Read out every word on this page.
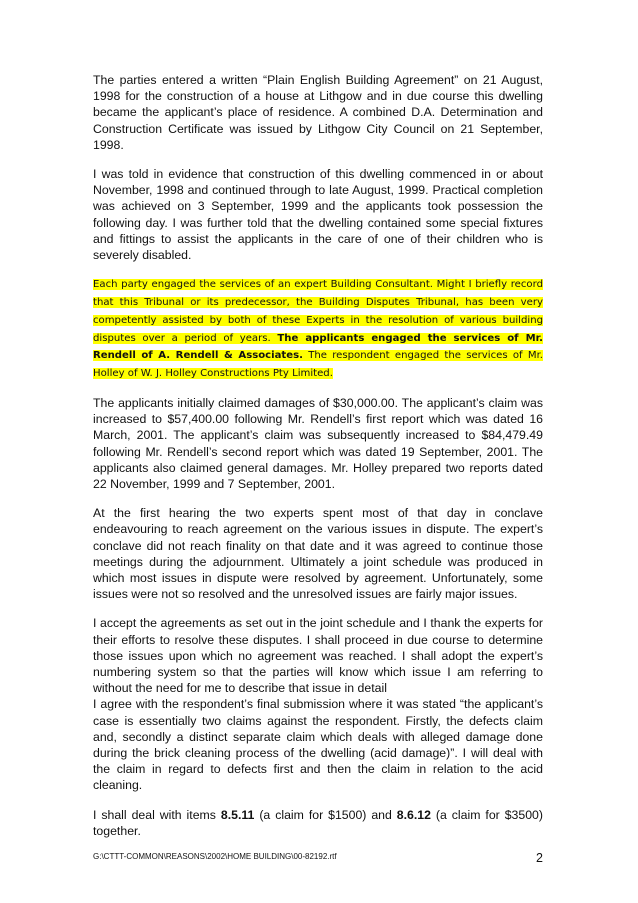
The parties entered a written “Plain English Building Agreement” on 21 August, 1998 for the construction of a house at Lithgow and in due course this dwelling became the applicant’s place of residence. A combined D.A. Determination and Construction Certificate was issued by Lithgow City Council on 21 September, 1998.

I was told in evidence that construction of this dwelling commenced in or about November, 1998 and continued through to late August, 1999. Practical completion was achieved on 3 September, 1999 and the applicants took possession the following day. I was further told that the dwelling contained some special fixtures and fittings to assist the applicants in the care of one of their children who is severely disabled.

Each party engaged the services of an expert Building Consultant. Might I briefly record that this Tribunal or its predecessor, the Building Disputes Tribunal, has been very competently assisted by both of these Experts in the resolution of various building disputes over a period of years. The applicants engaged the services of Mr. Rendell of A. Rendell & Associates. The respondent engaged the services of Mr. Holley of W. J. Holley Constructions Pty Limited.

The applicants initially claimed damages of $30,000.00. The applicant’s claim was increased to $57,400.00 following Mr. Rendell’s first report which was dated 16 March, 2001. The applicant’s claim was subsequently increased to $84,479.49 following Mr. Rendell’s second report which was dated 19 September, 2001. The applicants also claimed general damages. Mr. Holley prepared two reports dated 22 November, 1999 and 7 September, 2001.

At the first hearing the two experts spent most of that day in conclave endeavouring to reach agreement on the various issues in dispute. The expert’s conclave did not reach finality on that date and it was agreed to continue those meetings during the adjournment. Ultimately a joint schedule was produced in which most issues in dispute were resolved by agreement. Unfortunately, some issues were not so resolved and the unresolved issues are fairly major issues.

I accept the agreements as set out in the joint schedule and I thank the experts for their efforts to resolve these disputes. I shall proceed in due course to determine those issues upon which no agreement was reached. I shall adopt the expert’s numbering system so that the parties will know which issue I am referring to without the need for me to describe that issue in detail

I agree with the respondent’s final submission where it was stated “the applicant’s case is essentially two claims against the respondent. Firstly, the defects claim and, secondly a distinct separate claim which deals with alleged damage done during the brick cleaning process of the dwelling (acid damage)”. I will deal with the claim in regard to defects first and then the claim in relation to the acid cleaning.

I shall deal with items 8.5.11 (a claim for $1500) and 8.6.12 (a claim for $3500) together.

G:\CTTT-COMMON\REASONS\2002\HOME BUILDING\00-82192.rtf	2
